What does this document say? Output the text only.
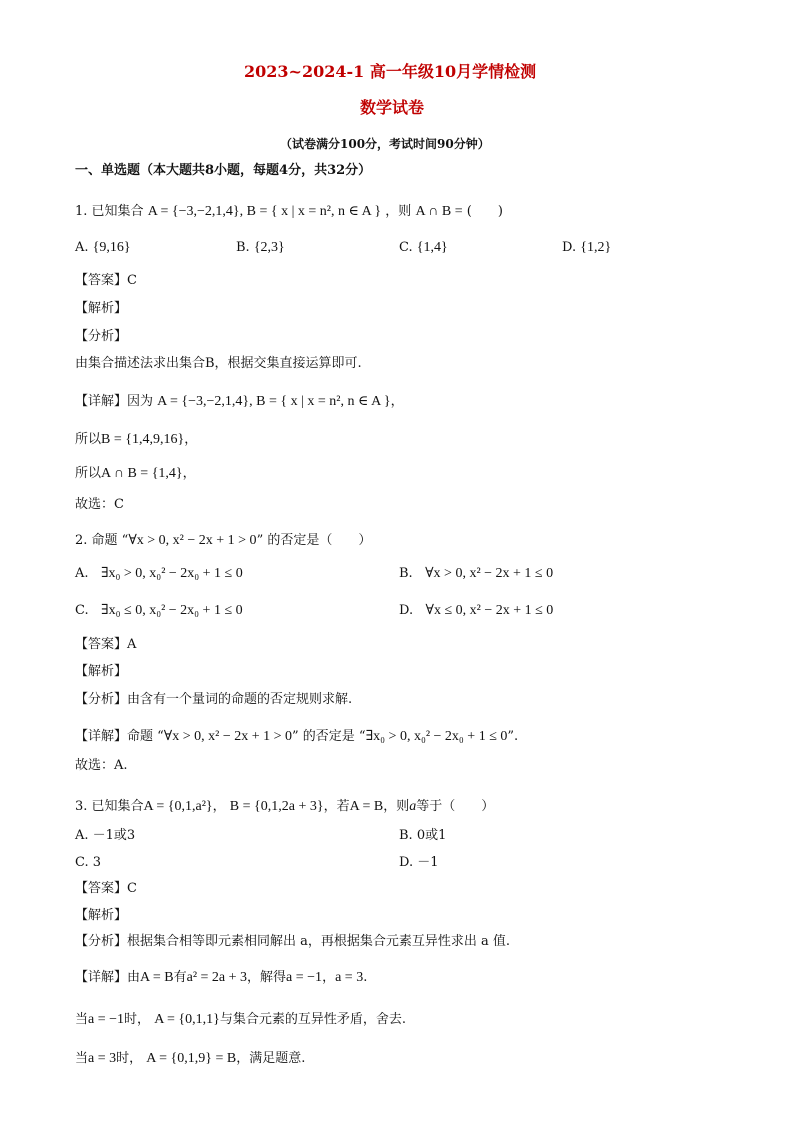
2023~2024-1 高一年级10月学情检测
数学试卷
（试卷满分100分，考试时间90分钟）
一、单选题（本大题共8小题，每题4分，共32分）
1. 已知集合 A = {−3,−2,1,4}, B = { x | x = n², n ∈ A } ，则 A ∩ B = (　　)
A. {9,16}	B. {2,3}	C. {1,4}	D. {1,2}
【答案】C
【解析】
【分析】
由集合描述法求出集合B，根据交集直接运算即可.
【详解】因为 A = {−3,−2,1,4}, B = { x | x = n², n ∈ A }，
所以B = {1,4,9,16}，
所以A ∩ B = {1,4}，
故选：C
2. 命题 “∀x > 0, x² − 2x + 1 > 0” 的否定是（　　）
A. ∃x₀ > 0, x₀² − 2x₀ + 1 ≤ 0	B. ∀x > 0, x² − 2x + 1 ≤ 0
C. ∃x₀ ≤ 0, x₀² − 2x₀ + 1 ≤ 0	D. ∀x ≤ 0, x² − 2x + 1 ≤ 0
【答案】A
【解析】
【分析】由含有一个量词的命题的否定规则求解.
【详解】命题 “∀x > 0, x² − 2x + 1 > 0” 的否定是 “∃x₀ > 0, x₀² − 2x₀ + 1 ≤ 0”.
故选：A.
3. 已知集合A = {0,1,a²}， B = {0,1,2a + 3}，若A = B，则a等于（　　）
A. －1或3	B. 0或1
C. 3	D. －1
【答案】C
【解析】
【分析】根据集合相等即元素相同解出 a，再根据集合元素互异性求出 a 值.
【详解】由A = B有a² = 2a + 3，解得a = −1，a = 3.
当a = −1时， A = {0,1,1}与集合元素的互异性矛盾，舍去.
当a = 3时， A = {0,1,9} = B，满足题意.
